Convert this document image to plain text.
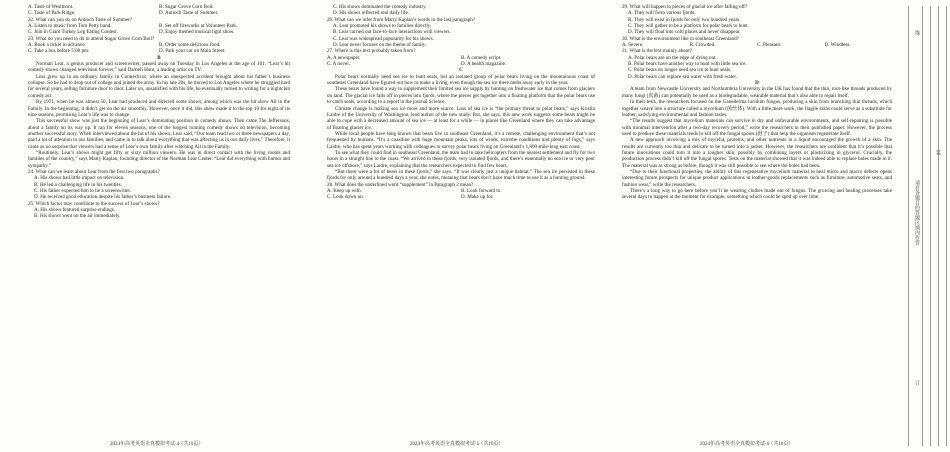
A. Taste of Westmont.	B. Sugar Grove Corn Boil.
C. Taste of Park Ridge.	D. Antioch Taste of Summer.

22. What can you do on Antioch Taste of Summer?

A. Listen to music from Tom Petty band.	B. Set off fireworks at Volunteer Park.
C. Join in Giant Turkey Leg Eating Contest.	D. Enjoy themed musical light show.

23. What do you need to do to attend Sugar Grove Corn Boil?

A. Book a ticket in advance.	B. Order some delicious food.
C. Take a bus before 5:00 pm.	D. Park your car on Main Street.

B

Norman Lear, a genius producer and screenwriter, passed away on Tuesday in Los Angeles at the age of 101. “Lear’s hit comedy shows changed television forever,” said Darnell Hunt, a leading artist on TV.

Lear grew up in an ordinary family in Connecticut, where an unexpected accident brought about his father’s business collapse. So he had to drop out of college and joined the army. In his late 20s, he moved to Los Angeles where he struggled hard for several years, selling furniture door to door. Later on, unsatisfied with his life, he eventually turned to writing for a nightclub comedy act.

By 1971, when he was almost 50, Lear had produced and directed some shows, among which was the hit show All in the Family. In the beginning, it didn’t get on the air smoothly. However, once it did, this show made it to the top 10 for eight of its nine seasons, promising Lear’s life was to change.

This successful show was just the beginning of Lear’s dominating position in comedy shows. Then came The Jeffersons, about a family on its way up. It ran for eleven seasons, one of the longest running comedy shows on television, becoming another successful story. When interviewed about the hit of his shows, Lear said, “Our team read two or three newspapers a day, paid a lot of attention to our families, and came in to talk about everything that was affecting us in our daily lives.” Therefore, it came as no surprise that viewers had a sense of Lear’s own family after watching All in the Family.

“Routinely, Lear’s shows might get fifty or sixty million viewers. He was in direct contact with the living rooms and families of the country,” says Marty Kaplan, founding director of the Norman Lear Center. “Lear did everything with humor and sympathy.”

24. What can we learn about Lear from the first two paragraphs?

A. His shows had little impact on television.

B. He led a challenging life in his twenties.

C. His father expected him to be a screenwriter.

D. He received good education despite his father’s business failure.

25. Which factor may contribute to the success of Lear’s shows?

A. His shows featured surprise endings.

B. His shows went on the air immediately.

C. His shows dominated the comedy industry.

D. His shows reflected real daily life.

26. What can we infer from Marty Kaplan’s words in the last paragraph?

A. Lear promoted his shows to families directly.

B. Lear carried out face-to-face interactions with viewers.

C. Lear was widespread popularity for his shows.

D. Lear never focuses on the theme of family.

27. Where is this text probably taken from?

A. A newspaper.	B. A comedy script.
C. A novel.	D. A health magazine.

C

Polar bears normally need sea ice to hunt seals, but an isolated group of polar bears living on the mountainous coast of southeast Greenland have figured out how to make a living, even though the sea ice there melts away early in the year.

These bears have found a way to supplement their limited sea ice supply by hunting on freshwater ice that comes from glaciers on land. The glacial ice falls off in pieces into fjords, where the pieces get together into a floating platform that the polar bears use to catch seals, according to a report in the journal Science.

Climate change is making sea ice more and more scarce. Loss of sea ice is “the primary threat to polar bears,” says Kristin Laidre of the University of Washington, lead author of the new study. But, she says, this new work suggests some bears might be able to cope with a decreased amount of sea ice — at least for a while — in places like Greenland where they can take advantage of floating glacier ice.

While local people have long known that bears live in southeast Greenland, it’s a remote, challenging environment that’s not frequented by humans. “It’s a coastline with huge mountain peaks, lots of winds, extreme conditions and plenty of fogs,” says Laidre, who has spent years working with colleagues to survey polar bears living on Greenland’s 1,800-mile-long east coast.

To see what they could find in southeast Greenland, the team had to take helicopters from the nearest settlement and fly for two hours in a straight line to the coast. “We arrived in these fjords, very isolated fjords, and there’s essentially no sea ice or very poor sea ice offshore,” says Laidre, explaining that the researchers expected to find few bears.

“But there were a lot of bears in these fjords,” she says. “It was clearly just a unique habitat.” The sea ice persisted in these fjords for only around a hundred days a year, she notes, meaning that bears don’t have much time to use it as a hunting ground.

28. What does the underlined word “supplement” in Paragraph 2 mean?

A. Keep up with.	B. Look forward to.
C. Look down on.	D. Make up for.

29. What will happen to pieces of glacial ice after falling off?

A. They will form various fjords.

B. They will exist in fjords for only two hundred years.

C. They will gather to be a platform for polar bears to hunt.

D. They will float into cold places and never disappear.

30. What is the environment like in southeast Greenland?

A. Severe.	B. Crowded.	C. Pleasant.	D. Windless.

31. What is the text mainly about?

A. Polar bears are on the edge of dying out.

B. Polar bears have another way to hunt with little sea ice.

C. Polar bears no longer need sea ice to hunt seals.

D. Polar bears can replace sea water with fresh water.

D

A team from Newcastle University and Northumbria University in the UK has found that the thin, root-like threads produced by many fungi (真菌) can potentially be used as a biodegradable, wearable material that’s also able to repair itself.

In their tests, the researchers focused on the Ganoderma lucidum fungus, producing a skin from branching thin threads, which together weave into a structure called a mycelium (菌丝体). With a little more work, the fragile skins could serve as a substitute for leather, satisfying environmental and fashion tastes.

“The results suggest that mycelium materials can survive in dry and unfavorable environments, and self-repairing is possible with minimal intervention after a two-day recovery period,” write the researchers in their published paper. However, the process used to produce these materials tends to kill off the fungal spores (孢子) that help the organism regenerate itself.

A new approach involving a mix of mycelia, proteins, and other nutrients in a liquid encouraged the growth of a skin. The results are currently too thin and delicate to be turned into a jacket. However, the researchers are confident that it’s possible that future innovations could turn it into a tougher skin, possibly by combining layers or plasticizing in glycerol. Crucially, the production process didn’t kill off the fungal spores. Tests on the material showed that it was indeed able to replace holes made in it. The material was as strong as before, though it was still possible to see where the holes had been.

“Due to their functional properties, the ability of this regenerative mycelium material to heal micro and macro defects opens interesting future prospects for unique product applications in leather-goods replacements such as furniture, automotive seats, and fashion wear,” write the researchers.

There’s a long way to go here before you’ll be wearing clothes made out of fungus. The growing and healing processes take several days to happen at the moment for example, something which could be sped up over time.

2024年高考英语全真模拟考试·4·（共10页）	2024年高考英语全真模拟考试·5·（共10页）	2024年高考英语全真模拟考试·6·（共10页）
线
请在各题目的答题区域内作答
订
装
